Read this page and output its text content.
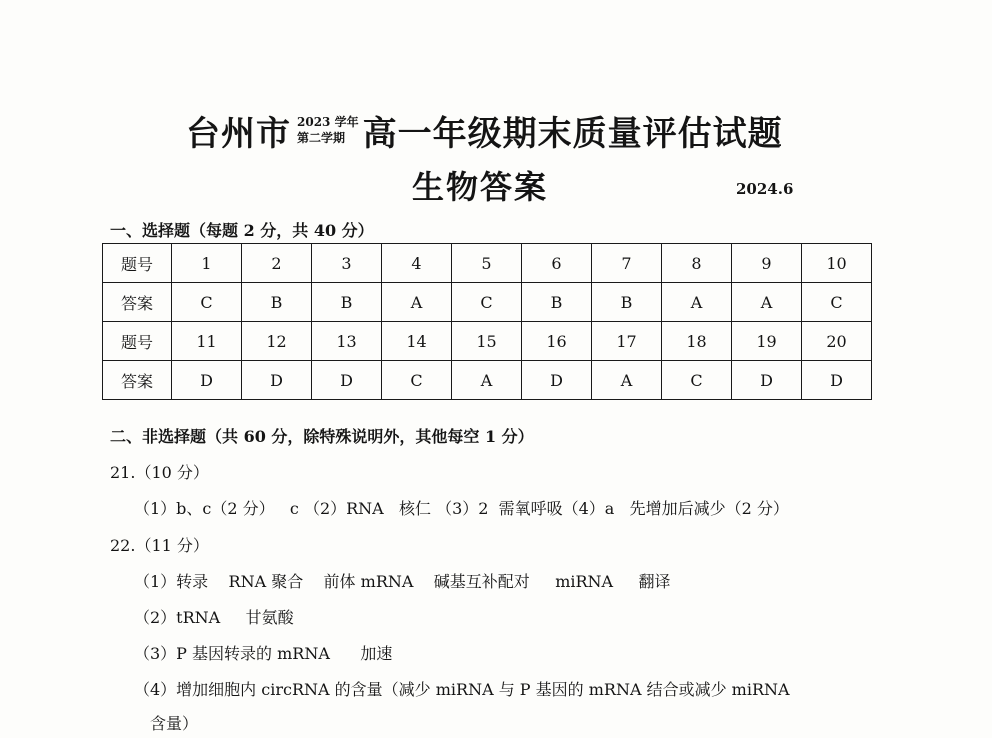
台州市 2023 学年
第二学期 高一年级期末质量评估试题
生物答案	2024.6
一、选择题（每题 2 分，共 40 分）
题号	1	2	3	4	5	6	7	8	9	10
答案	C	B	B	A	C	B	B	A	A	C
题号	11	12	13	14	15	16	17	18	19	20
答案	D	D	D	C	A	D	A	C	D	D
二、非选择题（共 60 分，除特殊说明外，其他每空 1 分）
21.（10 分）
（1）b、c（2 分）   c （2）RNA   核仁 （3）2  需氧呼吸（4）a   先增加后减少（2 分）
22.（11 分）
（1）转录    RNA 聚合    前体 mRNA    碱基互补配对     miRNA     翻译
（2）tRNA     甘氨酸
（3）P 基因转录的 mRNA      加速
（4）增加细胞内 circRNA 的含量（减少 miRNA 与 P 基因的 mRNA 结合或减少 miRNA
含量）
